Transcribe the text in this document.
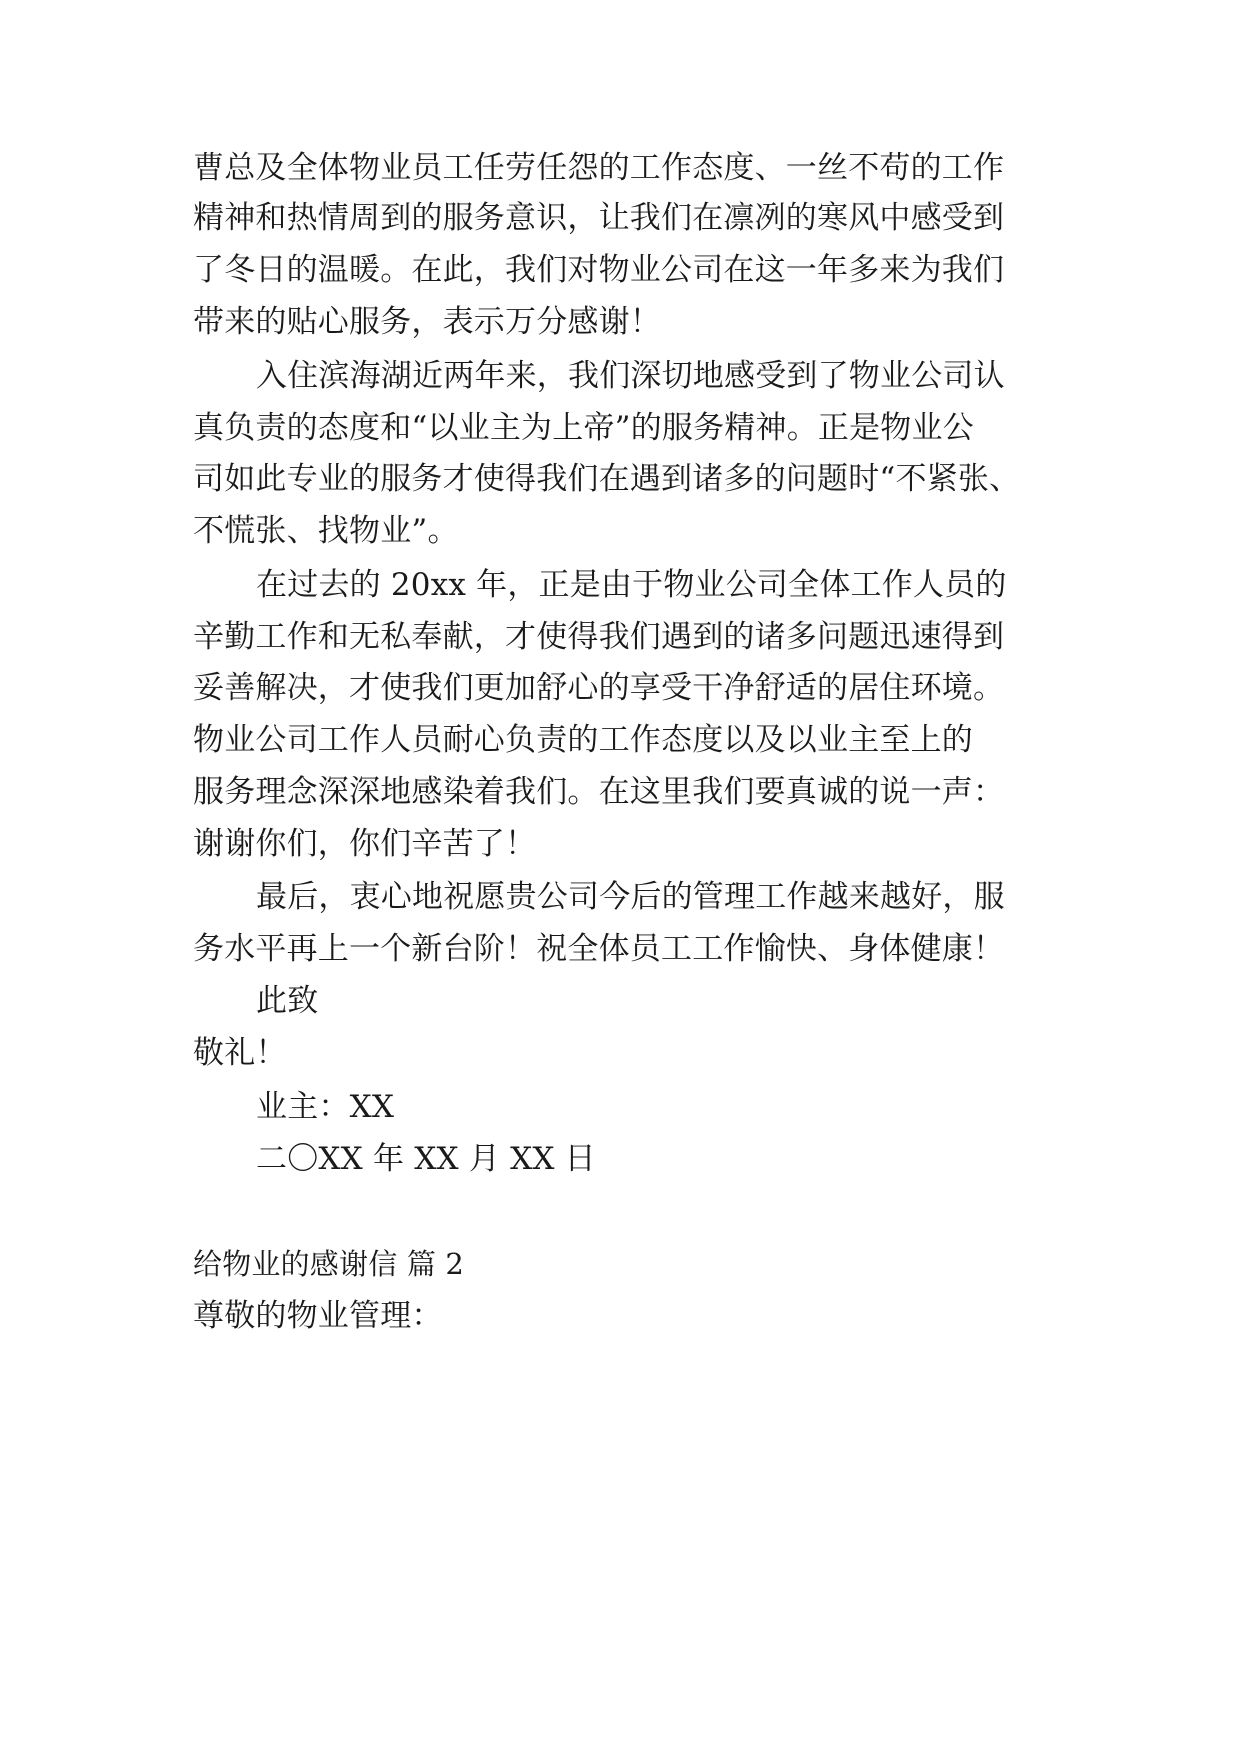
曹总及全体物业员工任劳任怨的工作态度、一丝不苟的工作
精神和热情周到的服务意识，让我们在凛冽的寒风中感受到
了冬日的温暖。在此，我们对物业公司在这一年多来为我们
带来的贴心服务，表示万分感谢！
入住滨海湖近两年来，我们深切地感受到了物业公司认
真负责的态度和“以业主为上帝”的服务精神。正是物业公
司如此专业的服务才使得我们在遇到诸多的问题时“不紧张、
不慌张、找物业”。
在过去的 20xx 年，正是由于物业公司全体工作人员的
辛勤工作和无私奉献，才使得我们遇到的诸多问题迅速得到
妥善解决，才使我们更加舒心的享受干净舒适的居住环境。
物业公司工作人员耐心负责的工作态度以及以业主至上的
服务理念深深地感染着我们。在这里我们要真诚的说一声：
谢谢你们，你们辛苦了！
最后，衷心地祝愿贵公司今后的管理工作越来越好，服
务水平再上一个新台阶！祝全体员工工作愉快、身体健康！
此致
敬礼！
业主：XX
二〇XX 年 XX 月 XX 日
给物业的感谢信 篇 2
尊敬的物业管理：
